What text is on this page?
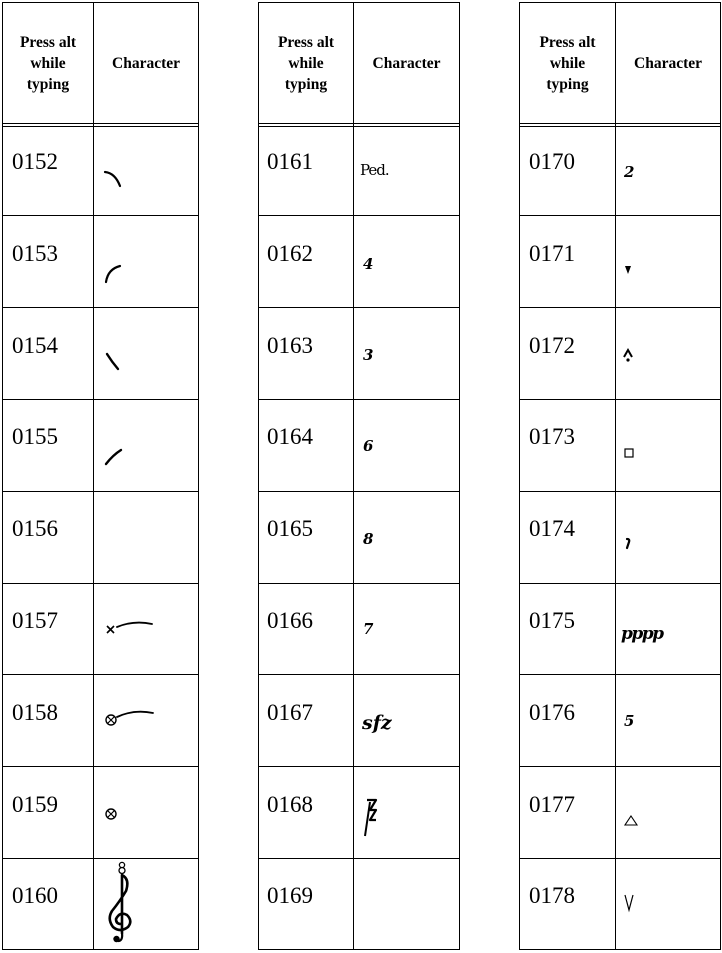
Press alt
while
typing
Character
0152
0153
0154
0155
0156
0157
0158
0159
0160
Press alt
while
typing
Character
0161
0162
0163
0164
0165
0166
0167
0168
0169
Ped.
4
3
6
8
7
sfz
Press alt
while
typing
Character
0170
0171
0172
0173
0174
0175
0176
0177
0178
2
pppp
5
